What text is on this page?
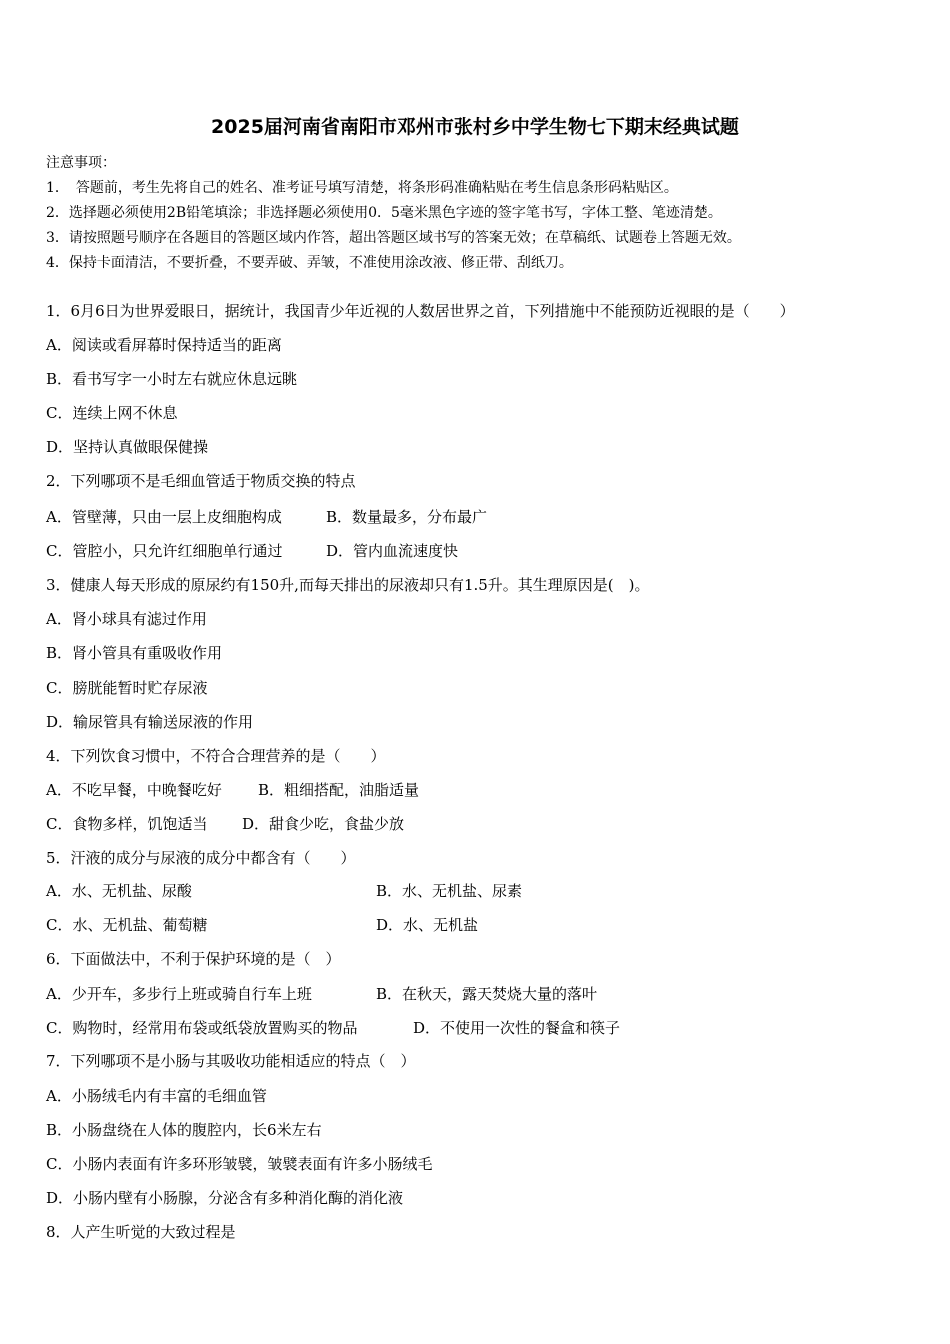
2025届河南省南阳市邓州市张村乡中学生物七下期末经典试题
注意事项：
1．　答题前，考生先将自己的姓名、准考证号填写清楚，将条形码准确粘贴在考生信息条形码粘贴区。
2．选择题必须使用2B铅笔填涂；非选择题必须使用0．5毫米黑色字迹的签字笔书写，字体工整、笔迹清楚。
3．请按照题号顺序在各题目的答题区域内作答，超出答题区域书写的答案无效；在草稿纸、试题卷上答题无效。
4．保持卡面清洁，不要折叠，不要弄破、弄皱，不准使用涂改液、修正带、刮纸刀。
1．6月6日为世界爱眼日，据统计，我国青少年近视的人数居世界之首，下列措施中不能预防近视眼的是（　　）
A．阅读或看屏幕时保持适当的距离
B．看书写字一小时左右就应休息远眺
C．连续上网不休息
D．坚持认真做眼保健操
2．下列哪项不是毛细血管适于物质交换的特点
A．管壁薄，只由一层上皮细胞构成	B．数量最多，分布最广
C．管腔小，只允许红细胞单行通过	D．管内血流速度快
3．健康人每天形成的原尿约有150升,而每天排出的尿液却只有1.5升。其生理原因是(　)。
A．肾小球具有滤过作用
B．肾小管具有重吸收作用
C．膀胱能暂时贮存尿液
D．输尿管具有输送尿液的作用
4．下列饮食习惯中，不符合合理营养的是（　　）
A．不吃早餐，中晚餐吃好 B．粗细搭配，油脂适量
C．食物多样，饥饱适当 D．甜食少吃，食盐少放
5．汗液的成分与尿液的成分中都含有（　　）
A．水、无机盐、尿酸	B．水、无机盐、尿素
C．水、无机盐、葡萄糖	D．水、无机盐
6．下面做法中，不利于保护环境的是（　）
A．少开车，多步行上班或骑自行车上班	B．在秋天，露天焚烧大量的落叶
C．购物时，经常用布袋或纸袋放置购买的物品	D．不使用一次性的餐盒和筷子
7．下列哪项不是小肠与其吸收功能相适应的特点（　）
A．小肠绒毛内有丰富的毛细血管
B．小肠盘绕在人体的腹腔内，长6米左右
C．小肠内表面有许多环形皱襞，皱襞表面有许多小肠绒毛
D．小肠内壁有小肠腺，分泌含有多种消化酶的消化液
8．人产生听觉的大致过程是
